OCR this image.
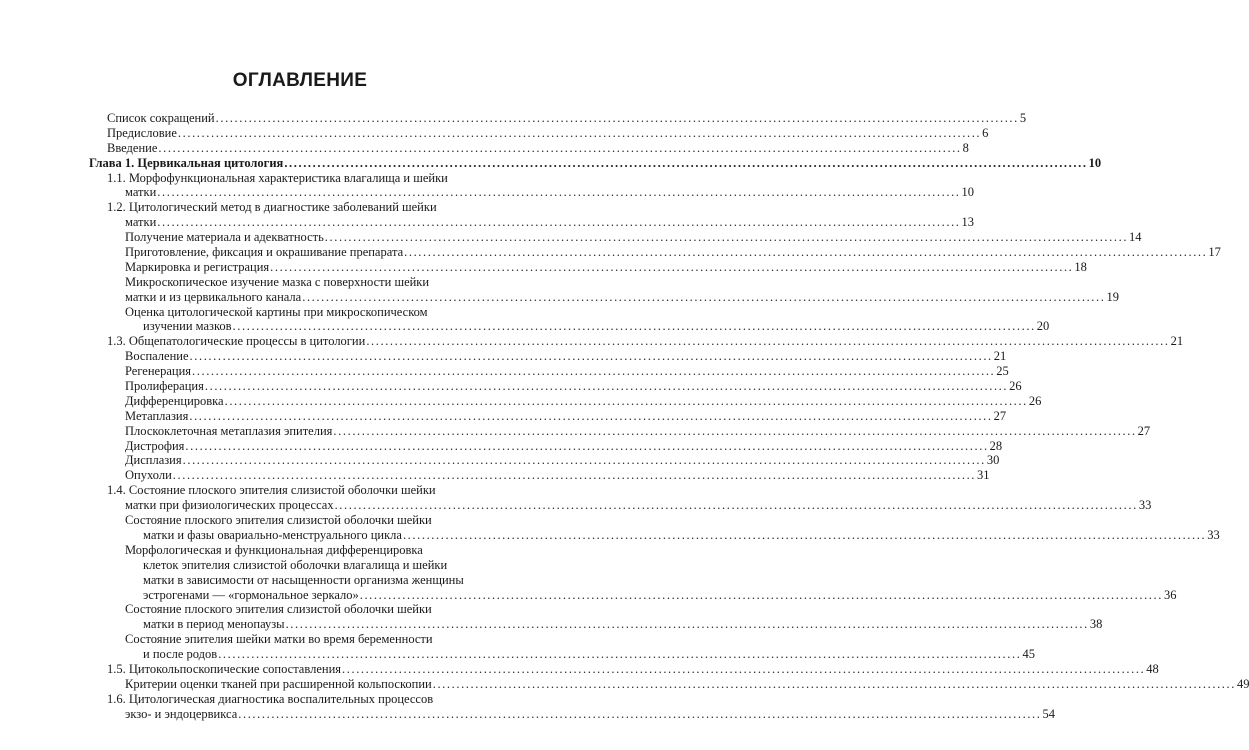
ОГЛАВЛЕНИЕ
Список сокращений .....	5
Предисловие .....	6
Введение .....	8
Глава 1. Цервикальная цитология .....	10
1.1. Морфофункциональная характеристика влагалища и шейки
матки .....	10
1.2. Цитологический метод в диагностике заболеваний шейки
матки .....	13
Получение материала и адекватность .....	14
Приготовление, фиксация и окрашивание препарата .....	17
Маркировка и регистрация .....	18
Микроскопическое изучение мазка с поверхности шейки
матки и из цервикального канала .....	19
Оценка цитологической картины при микроскопическом
изучении мазков .....	20
1.3. Общепатологические процессы в цитологии .....	21
Воспаление .....	21
Регенерация .....	25
Пролиферация .....	26
Дифференцировка .....	26
Метаплазия .....	27
Плоскоклеточная метаплазия эпителия .....	27
Дистрофия .....	28
Дисплазия .....	30
Опухоли .....	31
1.4. Состояние плоского эпителия слизистой оболочки шейки
матки при физиологических процессах .....	33
Состояние плоского эпителия слизистой оболочки шейки
матки и фазы овариально-менструального цикла .....	33
Морфологическая и функциональная дифференцировка
клеток эпителия слизистой оболочки влагалища и шейки
матки в зависимости от насыщенности организма женщины
эстрогенами — «гормональное зеркало» .....	36
Состояние плоского эпителия слизистой оболочки шейки
матки в период менопаузы .....	38
Состояние эпителия шейки матки во время беременности
и после родов .....	45
1.5. Цитокольпоскопические сопоставления .....	48
Критерии оценки тканей при расширенной кольпоскопии .....	49
1.6. Цитологическая диагностика воспалительных процессов
экзо- и эндоцервикса .....	54
